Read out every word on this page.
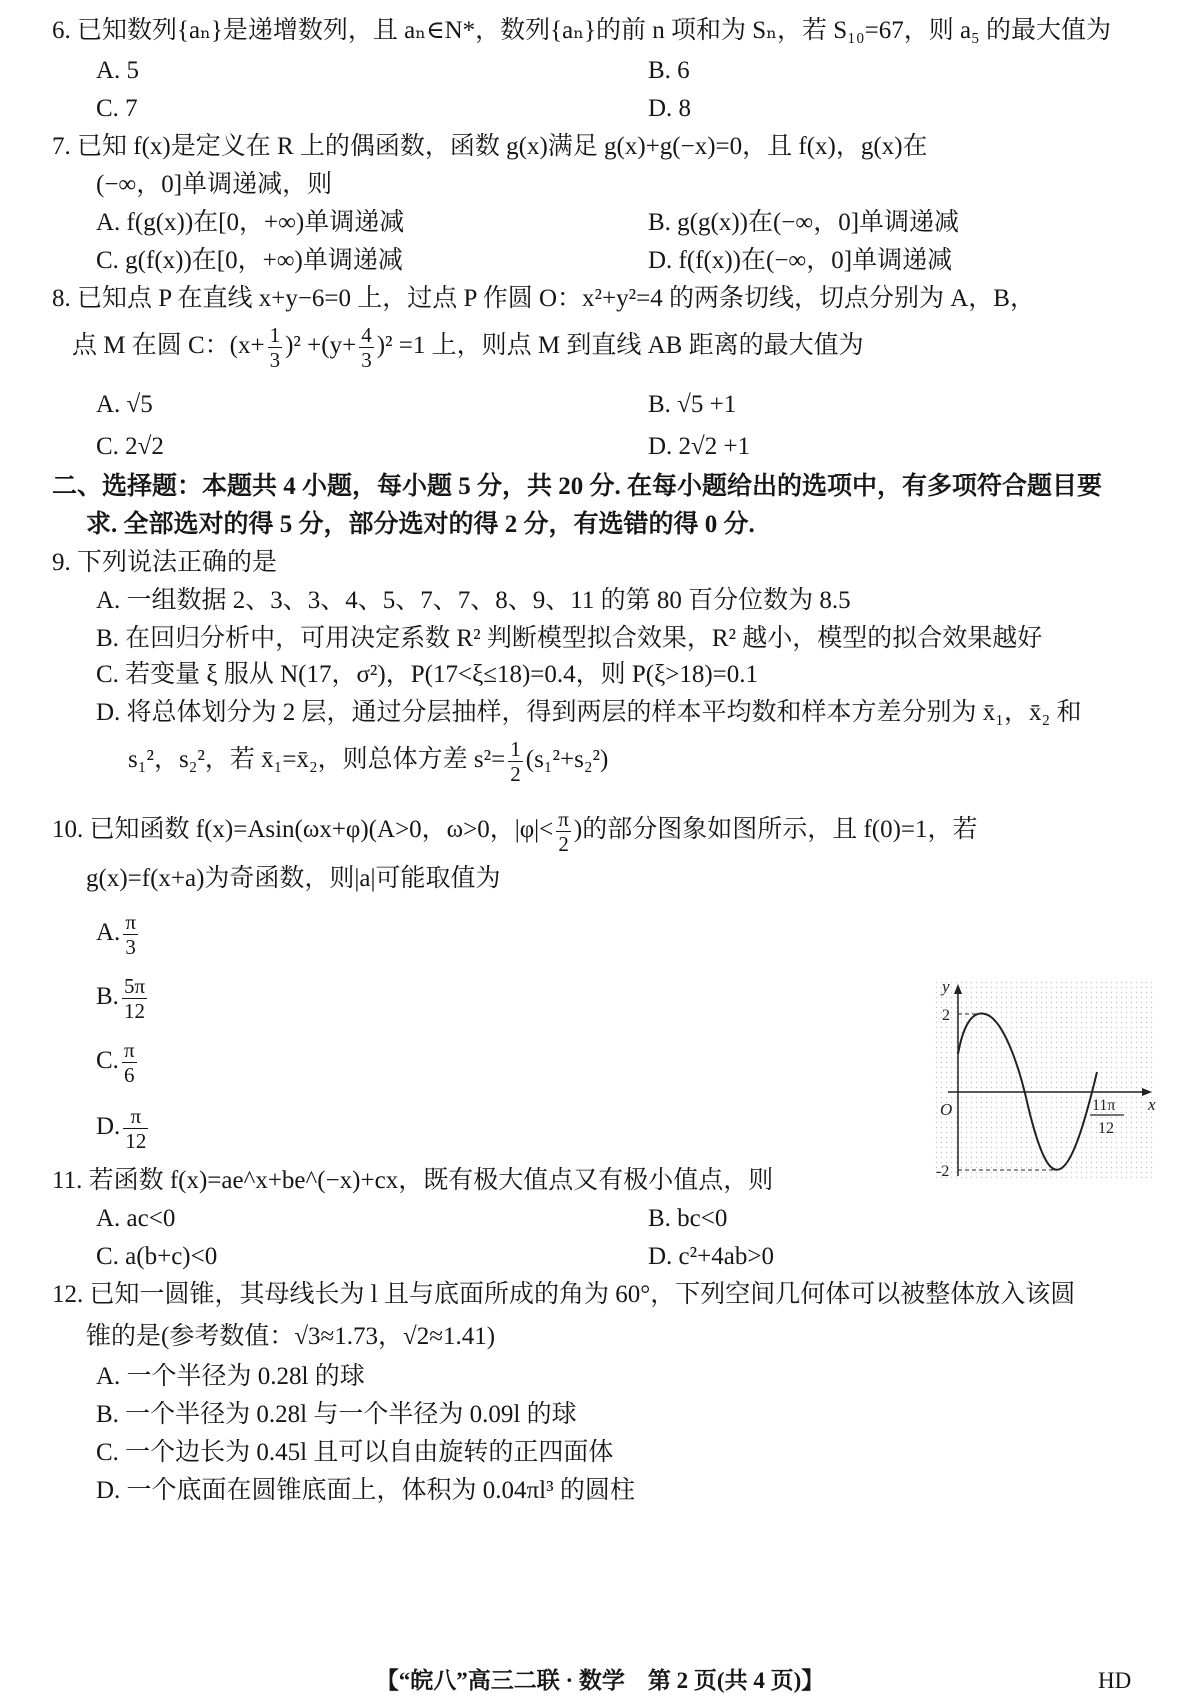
6. 已知数列{aₙ}是递增数列，且 aₙ∈N*，数列{aₙ}的前 n 项和为 Sₙ，若 S₁₀=67，则 a₅ 的最大值为
A. 5	B. 6
C. 7	D. 8
7. 已知 f(x)是定义在 R 上的偶函数，函数 g(x)满足 g(x)+g(−x)=0，且 f(x)，g(x)在
(−∞，0]单调递减，则
A. f(g(x))在[0，+∞)单调递减	B. g(g(x))在(−∞，0]单调递减
C. g(f(x))在[0，+∞)单调递减	D. f(f(x))在(−∞，0]单调递减
8. 已知点 P 在直线 x+y−6=0 上，过点 P 作圆 O：x²+y²=4 的两条切线，切点分别为 A，B，
点 M 在圆 C：$(x+ \frac{1}{3} )^2 +(y+ \frac{4}{3} )^2 =1$ 上，则点 M 到直线 AB 距离的最大值为
A. √5	B. √5 +1
C. 2√2	D. 2√2 +1
二、选择题：本题共 4 小题，每小题 5 分，共 20 分. 在每小题给出的选项中，有多项符合题目要
求. 全部选对的得 5 分，部分选对的得 2 分，有选错的得 0 分.
9. 下列说法正确的是
A. 一组数据 2、3、3、4、5、7、7、8、9、11 的第 80 百分位数为 8.5
B. 在回归分析中，可用决定系数 R² 判断模型拟合效果，R² 越小，模型的拟合效果越好
C. 若变量 ξ 服从 N(17，σ²)，P(17<ξ≤18)=0.4，则 P(ξ>18)=0.1
D. 将总体划分为 2 层，通过分层抽样，得到两层的样本平均数和样本方差分别为 x̄₁，x̄₂ 和
s₁²，s₂²，若 x̄₁=x̄₂，则总体方差 $s^2= \frac{1}{2} (s_1^2+s_2^2)$
10. 已知函数 f(x)=Asin(ωx+φ)(A>0，ω>0，$|\varphi|< \frac{\pi}{2}$ )的部分图象如图所示，且 f(0)=1，若
g(x)=f(x+a)为奇函数，则|a|可能取值为
A. $\frac{\pi}{3}$
B. $\frac{5\pi}{12}$
C. $\frac{\pi}{6}$
D. $\frac{\pi}{12}$
y
x
O
2
-2
11π
12
11. 若函数 f(x)=ae^x+be^(−x)+cx，既有极大值点又有极小值点，则
A. ac<0	B. bc<0
C. a(b+c)<0	D. c²+4ab>0
12. 已知一圆锥，其母线长为 l 且与底面所成的角为 60°，下列空间几何体可以被整体放入该圆
锥的是(参考数值：√3≈1.73，√2≈1.41)
A. 一个半径为 0.28l 的球
B. 一个半径为 0.28l 与一个半径为 0.09l 的球
C. 一个边长为 0.45l 且可以自由旋转的正四面体
D. 一个底面在圆锥底面上，体积为 0.04πl³ 的圆柱
【“皖八”高三二联 · 数学　第 2 页(共 4 页)】	HD
